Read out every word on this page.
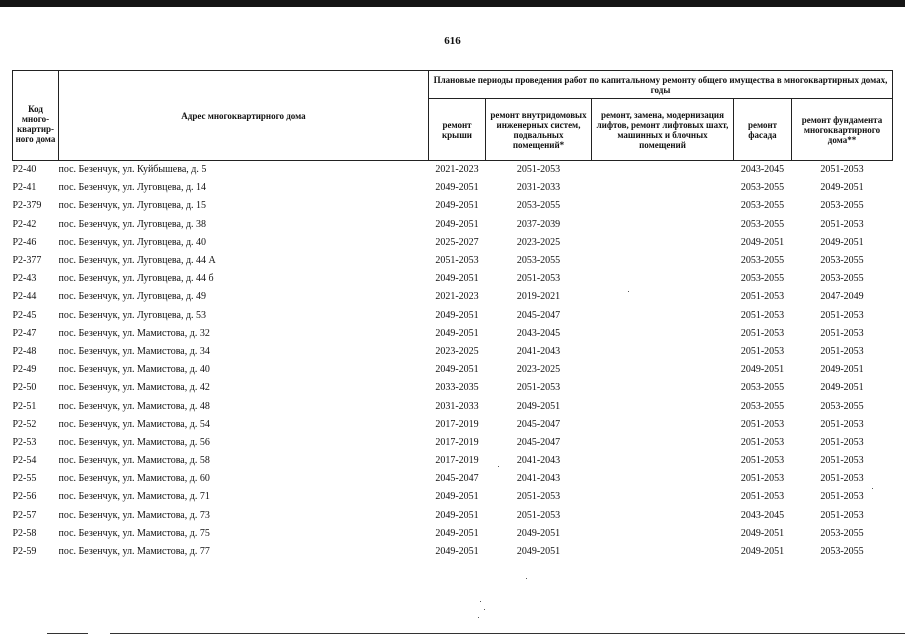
616
Код много-квартир-ного дома	Адрес многоквартирного дома	Плановые периоды проведения работ по капитальному ремонту общего имущества в многоквартирных домах, годы				
		ремонт крыши	ремонт внутридомовых инженерных систем, подвальных помещений*	ремонт, замена, модернизация лифтов, ремонт лифтовых шахт, машинных и блочных помещений	ремонт фасада	ремонт фундамента многоквартирного дома**
Р2-40	пос. Безенчук, ул. Куйбышева, д. 5	2021-2023	2051-2053		2043-2045	2051-2053
Р2-41	пос. Безенчук, ул. Луговцева, д. 14	2049-2051	2031-2033		2053-2055	2049-2051
Р2-379	пос. Безенчук, ул. Луговцева, д. 15	2049-2051	2053-2055		2053-2055	2053-2055
Р2-42	пос. Безенчук, ул. Луговцева, д. 38	2049-2051	2037-2039		2053-2055	2051-2053
Р2-46	пос. Безенчук, ул. Луговцева, д. 40	2025-2027	2023-2025		2049-2051	2049-2051
Р2-377	пос. Безенчук, ул. Луговцева, д. 44 А	2051-2053	2053-2055		2053-2055	2053-2055
Р2-43	пос. Безенчук, ул. Луговцева, д. 44 б	2049-2051	2051-2053		2053-2055	2053-2055
Р2-44	пос. Безенчук, ул. Луговцева, д. 49	2021-2023	2019-2021		2051-2053	2047-2049
Р2-45	пос. Безенчук, ул. Луговцева, д. 53	2049-2051	2045-2047		2051-2053	2051-2053
Р2-47	пос. Безенчук, ул. Мамистова, д. 32	2049-2051	2043-2045		2051-2053	2051-2053
Р2-48	пос. Безенчук, ул. Мамистова, д. 34	2023-2025	2041-2043		2051-2053	2051-2053
Р2-49	пос. Безенчук, ул. Мамистова, д. 40	2049-2051	2023-2025		2049-2051	2049-2051
Р2-50	пос. Безенчук, ул. Мамистова, д. 42	2033-2035	2051-2053		2053-2055	2049-2051
Р2-51	пос. Безенчук, ул. Мамистова, д. 48	2031-2033	2049-2051		2053-2055	2053-2055
Р2-52	пос. Безенчук, ул. Мамистова, д. 54	2017-2019	2045-2047		2051-2053	2051-2053
Р2-53	пос. Безенчук, ул. Мамистова, д. 56	2017-2019	2045-2047		2051-2053	2051-2053
Р2-54	пос. Безенчук, ул. Мамистова, д. 58	2017-2019	2041-2043		2051-2053	2051-2053
Р2-55	пос. Безенчук, ул. Мамистова, д. 60	2045-2047	2041-2043		2051-2053	2051-2053
Р2-56	пос. Безенчук, ул. Мамистова, д. 71	2049-2051	2051-2053		2051-2053	2051-2053
Р2-57	пос. Безенчук, ул. Мамистова, д. 73	2049-2051	2051-2053		2043-2045	2051-2053
Р2-58	пос. Безенчук, ул. Мамистова, д. 75	2049-2051	2049-2051		2049-2051	2053-2055
Р2-59	пос. Безенчук, ул. Мамистова, д. 77	2049-2051	2049-2051		2049-2051	2053-2055
